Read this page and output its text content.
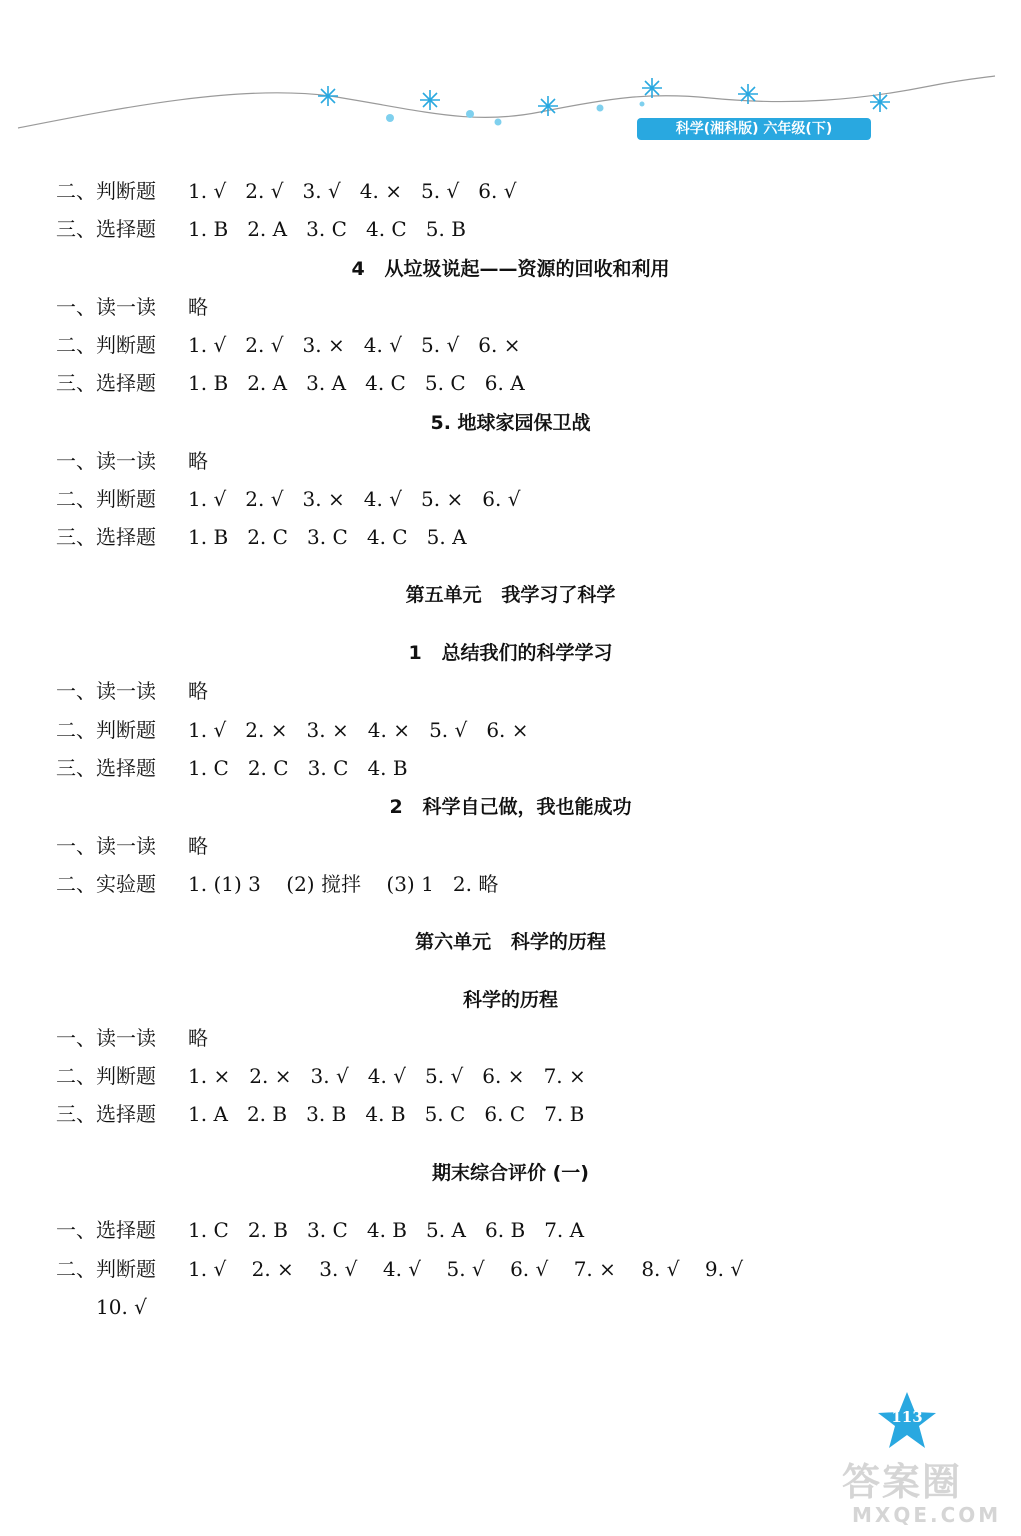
科学(湘科版) 六年级(下)
二、判断题 1. √   2. √   3. √   4. ×   5. √   6. √
三、选择题 1. B   2. A   3. C   4. C   5. B
4   从垃圾说起——资源的回收和利用
一、读一读 略
二、判断题 1. √   2. √   3. ×   4. √   5. √   6. ×
三、选择题 1. B   2. A   3. A   4. C   5. C   6. A
5. 地球家园保卫战
一、读一读 略
二、判断题 1. √   2. √   3. ×   4. √   5. ×   6. √
三、选择题 1. B   2. C   3. C   4. C   5. A
第五单元   我学习了科学
1   总结我们的科学学习
一、读一读 略
二、判断题 1. √   2. ×   3. ×   4. ×   5. √   6. ×
三、选择题 1. C   2. C   3. C   4. B
2   科学自己做，我也能成功
一、读一读 略
二、实验题 1. (1) 3    (2) 搅拌    (3) 1   2. 略
第六单元   科学的历程
科学的历程
一、读一读 略
二、判断题 1. ×   2. ×   3. √   4. √   5. √   6. ×   7. ×
三、选择题 1. A   2. B   3. B   4. B   5. C   6. C   7. B
期末综合评价 (一)
一、选择题 1. C   2. B   3. C   4. B   5. A   6. B   7. A
二、判断题 1. √    2. ×    3. √    4. √    5. √    6. √    7. ×    8. √    9. √
10. √
113
答案圈
MXQE.COM
